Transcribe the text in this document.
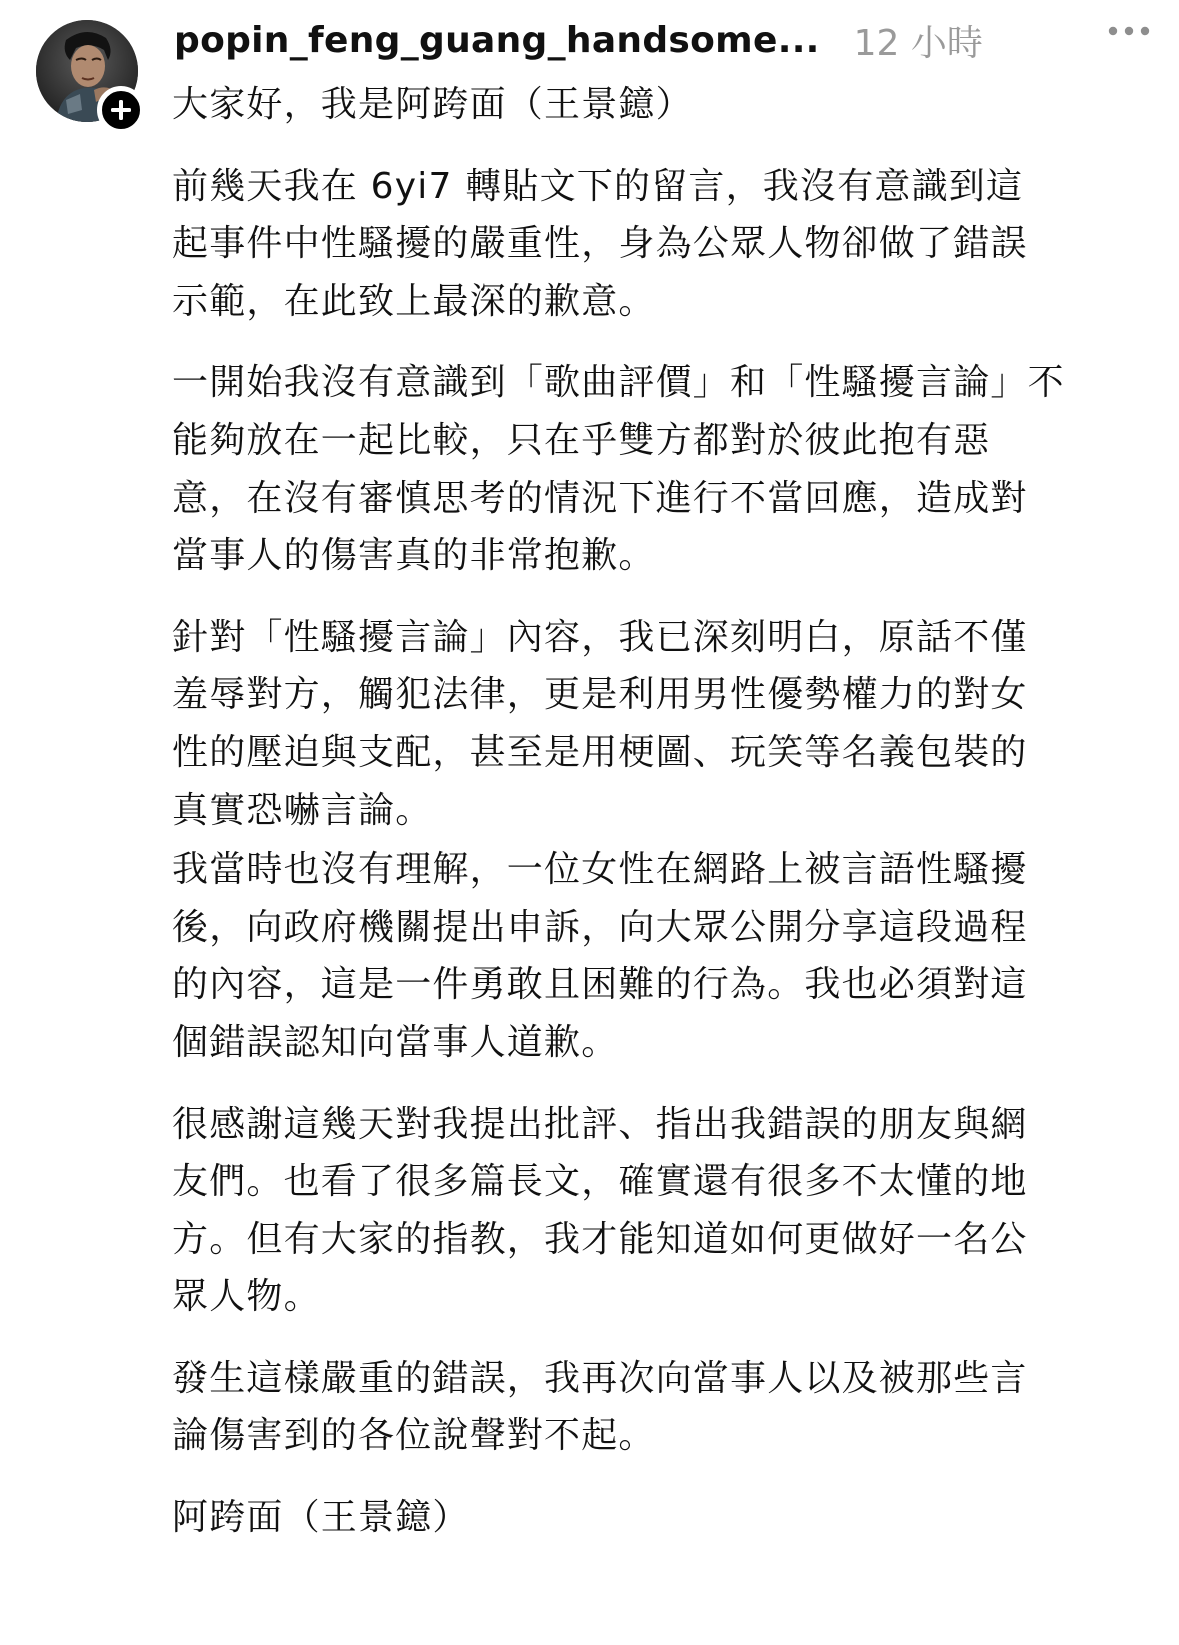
popin_feng_guang_handsome... 12 小時

大家好，我是阿跨面（王景鐿）

前幾天我在 6yi7 轉貼文下的留言，我沒有意識到這
起事件中性騷擾的嚴重性，身為公眾人物卻做了錯誤
示範，在此致上最深的歉意。

一開始我沒有意識到「歌曲評價」和「性騷擾言論」不
能夠放在一起比較，只在乎雙方都對於彼此抱有惡
意，在沒有審慎思考的情況下進行不當回應，造成對
當事人的傷害真的非常抱歉。

針對「性騷擾言論」內容，我已深刻明白，原話不僅
羞辱對方，觸犯法律，更是利用男性優勢權力的對女
性的壓迫與支配，甚至是用梗圖、玩笑等名義包裝的
真實恐嚇言論。

我當時也沒有理解，一位女性在網路上被言語性騷擾
後，向政府機關提出申訴，向大眾公開分享這段過程
的內容，這是一件勇敢且困難的行為。我也必須對這
個錯誤認知向當事人道歉。

很感謝這幾天對我提出批評、指出我錯誤的朋友與網
友們。也看了很多篇長文，確實還有很多不太懂的地
方。但有大家的指教，我才能知道如何更做好一名公
眾人物。

發生這樣嚴重的錯誤，我再次向當事人以及被那些言
論傷害到的各位說聲對不起。

阿跨面（王景鐿）
